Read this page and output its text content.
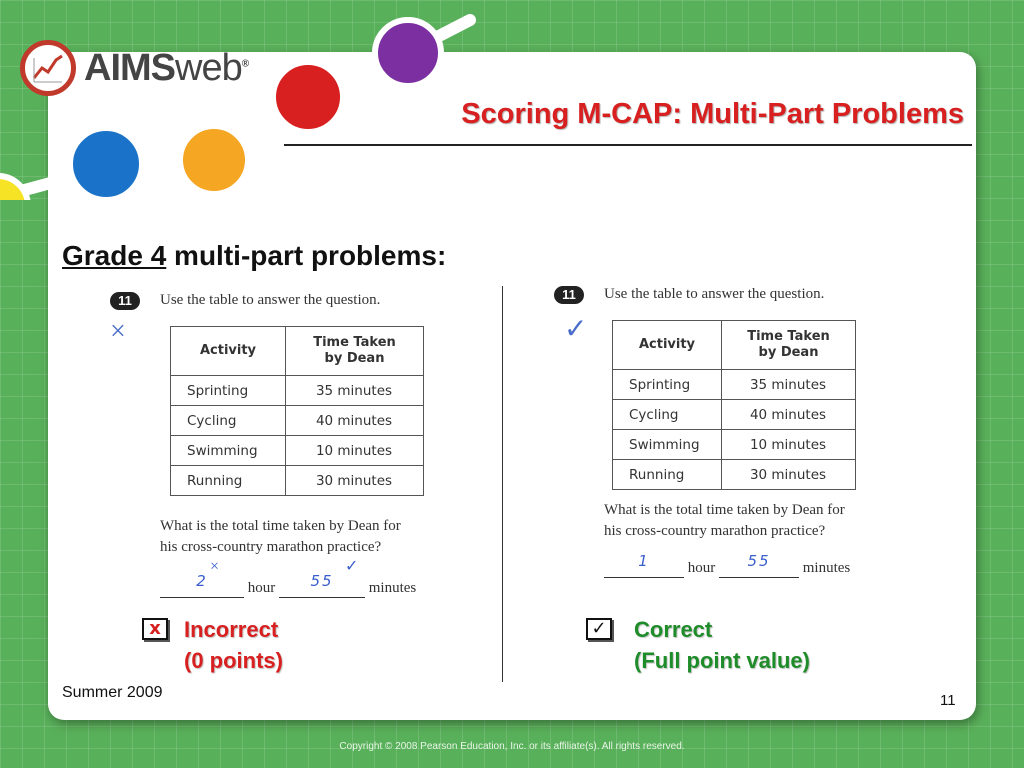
AIMSweb®
Scoring M-CAP: Multi-Part Problems
Grade 4 multi-part problems:
11	Use the table to answer the question.
×
Activity	Time Taken
by Dean
Sprinting	35 minutes
Cycling	40 minutes
Swimming	10 minutes
Running	30 minutes
What is the total time taken by Dean for
his cross-country marathon practice?

2
×
hour	55
✓
minutes
11	Use the table to answer the question.
✓	Activity	Time Taken
by Dean
Sprinting	35 minutes
Cycling	40 minutes
Swimming	10 minutes
Running	30 minutes
What is the total time taken by Dean for
his cross-country marathon practice?

1	hour	55	minutes
x	Incorrect
(0 points)
✓ Correct
(Full point value)
Summer 2009	11
Copyright © 2008 Pearson Education, Inc. or its affiliate(s). All rights reserved.
